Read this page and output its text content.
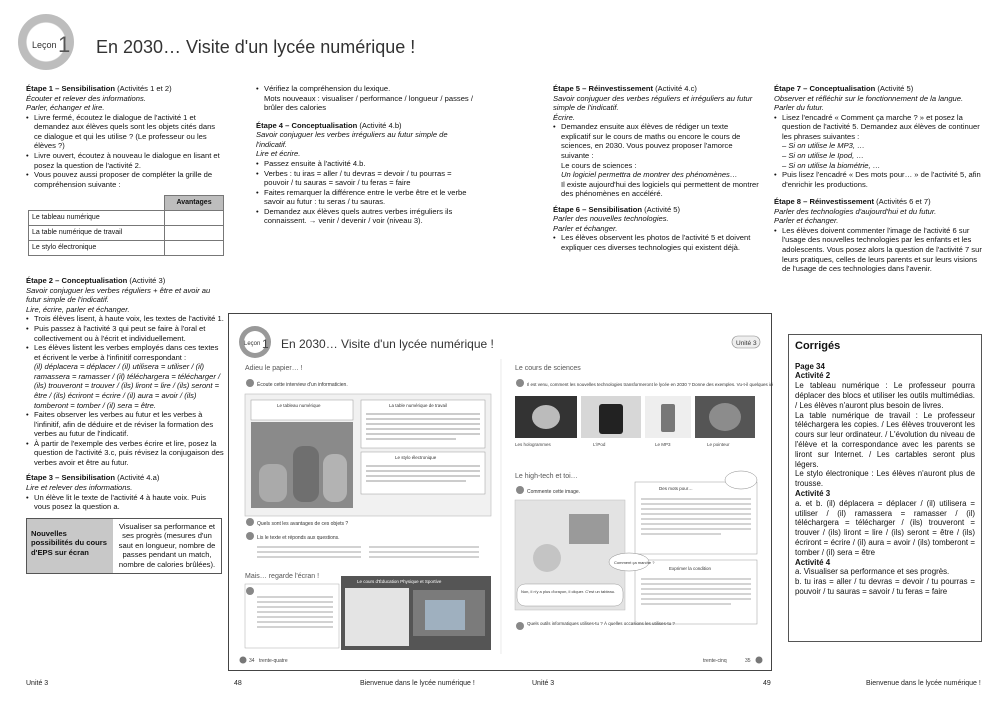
Leçon 1 En 2030… Visite d'un lycée numérique !

Étape 1 – Sensibilisation (Activités 1 et 2)

Écouter et relever des informations.

Parler, échanger et lire.

• Livre fermé, écoutez le dialogue de l'activité 1 et demandez aux élèves quels sont les objets cités dans ce dialogue et qui les utilise ? (Le professeur ou les élèves ?)
• Livre ouvert, écoutez à nouveau le dialogue en lisant et posez la question de l'activité 2.
• Vous pouvez aussi proposer de compléter la grille de compréhension suivante :
	Avantages
Le tableau numérique	
La table numérique de travail	
Le stylo électronique	

Étape 2 – Conceptualisation (Activité 3)

Savoir conjuguer les verbes réguliers + être et avoir au futur simple de l'indicatif.

Lire, écrire, parler et échanger.

• Trois élèves lisent, à haute voix, les textes de l'activité 1.
• Puis passez à l'activité 3 qui peut se faire à l'oral et collectivement ou à l'écrit et individuellement.
• Les élèves listent les verbes employés dans ces textes et écrivent le verbe à l'infinitif correspondant :
(il) déplacera = déplacer / (il) utilisera = utiliser / (il) ramassera = ramasser / (il) téléchargera = télécharger / (ils) trouveront = trouver / (ils) liront = lire / (ils) seront = être / (ils) écriront = écrire / (il) aura = avoir / (ils) tomberont = tomber / (il) sera = être.
• Faites observer les verbes au futur et les verbes à l'infinitif, afin de déduire et de réviser la formation des verbes au futur de l'indicatif.
• À partir de l'exemple des verbes écrire et lire, posez la question de l'activité 3.c, puis révisez la conjugaison des verbes avoir et être au futur.

Étape 3 – Sensibilisation (Activité 4.a)

Lire et relever des informations.

• Un élève lit le texte de l'activité 4 à haute voix. Puis vous posez la question a.
Nouvelles possibilités du cours d'EPS sur écran
Visualiser sa performance et ses progrès (mesures d'un saut en longueur, nombre de passes pendant un match, nombre de calories brûlées).
• Vérifiez la compréhension du lexique.
Mots nouveaux : visualiser / performance / longueur / passes / brûler des calories

Étape 4 – Conceptualisation (Activité 4.b)

Savoir conjuguer les verbes irréguliers au futur simple de l'indicatif.

Lire et écrire.

• Passez ensuite à l'activité 4.b.
• Verbes : tu iras = aller / tu devras = devoir / tu pourras = pouvoir / tu sauras = savoir / tu feras = faire
• Faites remarquer la différence entre le verbe être et le verbe savoir au futur : tu seras / tu sauras.
• Demandez aux élèves quels autres verbes irréguliers ils connaissent. → venir / devenir / voir (niveau 3).

Étape 5 – Réinvestissement (Activité 4.c)

Savoir conjuguer des verbes réguliers et irréguliers au futur simple de l'indicatif.

Écrire.

• Demandez ensuite aux élèves de rédiger un texte explicatif sur le cours de maths ou encore le cours de sciences, en 2030. Vous pouvez proposer l'amorce suivante :
Le cours de sciences :
Un logiciel permettra de montrer des phénomènes…
Il existe aujourd'hui des logiciels qui permettent de montrer des phénomènes en accéléré.

Étape 6 – Sensibilisation (Activité 5)

Parler des nouvelles technologies.

Parler et échanger.

• Les élèves observent les photos de l'activité 5 et doivent expliquer ces diverses technologies qui existent déjà.

Étape 7 – Conceptualisation (Activité 5)

Observer et réfléchir sur le fonctionnement de la langue.

Parler du futur.

• Lisez l'encadré « Comment ça marche ? » et posez la question de l'activité 5. Demandez aux élèves de continuer les phrases suivantes :
– Si on utilise le MP3, …
– Si on utilise le Ipod, …
– Si on utilise la biométrie, …
• Puis lisez l'encadré « Des mots pour… » de l'activité 5, afin d'enrichir les productions.

Étape 8 – Réinvestissement (Activités 6 et 7)

Parler des technologies d'aujourd'hui et du futur.

Parler et échanger.

• Les élèves doivent commenter l'image de l'activité 6 sur l'usage des nouvelles technologies par les enfants et les adolescents. Vous posez alors la question de l'activité 7 sur leurs pratiques, celles de leurs parents et sur leurs visions de l'usage de ces technologies dans l'avenir.
Leçon 1 En 2030… Visite d'un lycée numérique !	Unité 3
Adieu le papier… !
Écoute cette interview d'un informaticien.
Le tableau numérique	La table numérique de travail
Le stylo électronique
Quels sont les avantages de ces objets ?
Lis le texte et réponds aux questions.
Mais… regarde l'écran !
Le cours d'Éducation Physique et Sportive
34 trente-quatre
Le cours de sciences
Il est venu, comment les nouvelles technologies transformeront le lycée en 2030 ? Donne des exemples. Vu-t-il quelques idées.
Les hologrammes	L'iPod	Le MP3	Le pointeur
Le high-tech et toi…
Commente cette image.
Non, il n'y a plus d'crayon, il cliquer. C'est un tableau.
Des mots pour…
Exprimer la condition
Comment ça marche ?
Quels outils informatiques utilises-tu ? À quelles occasions les utilises-tu ?
trente-cinq	35
Corrigés

Page 34

Activité 2

Le tableau numérique : Le professeur pourra déplacer des blocs et utiliser les outils multimédias. / Les élèves n'auront plus besoin de livres.

La table numérique de travail : Le professeur téléchargera les copies. / Les élèves trouveront les cours sur leur ordinateur. / L'évolution du niveau de l'élève et la correspondance avec les parents se liront sur Internet. / Les cartables seront plus légers.

Le stylo électronique : Les élèves n'auront plus de trousse.

Activité 3

a. et b. (il) déplacera = déplacer / (il) utilisera = utiliser / (il) ramassera = ramasser / (il) téléchargera = télécharger / (ils) trouveront = trouver / (ils) liront = lire / (ils) seront = être / (ils) écriront = écrire / (il) aura = avoir / (ils) tomberont = tomber / (il) sera = être

Activité 4

a. Visualiser sa performance et ses progrès.

b. tu iras = aller / tu devras = devoir / tu pourras = pouvoir / tu sauras = savoir / tu feras = faire

Unité 3	48	Bienvenue dans le lycée numérique !	Unité 3	49	Bienvenue dans le lycée numérique !
